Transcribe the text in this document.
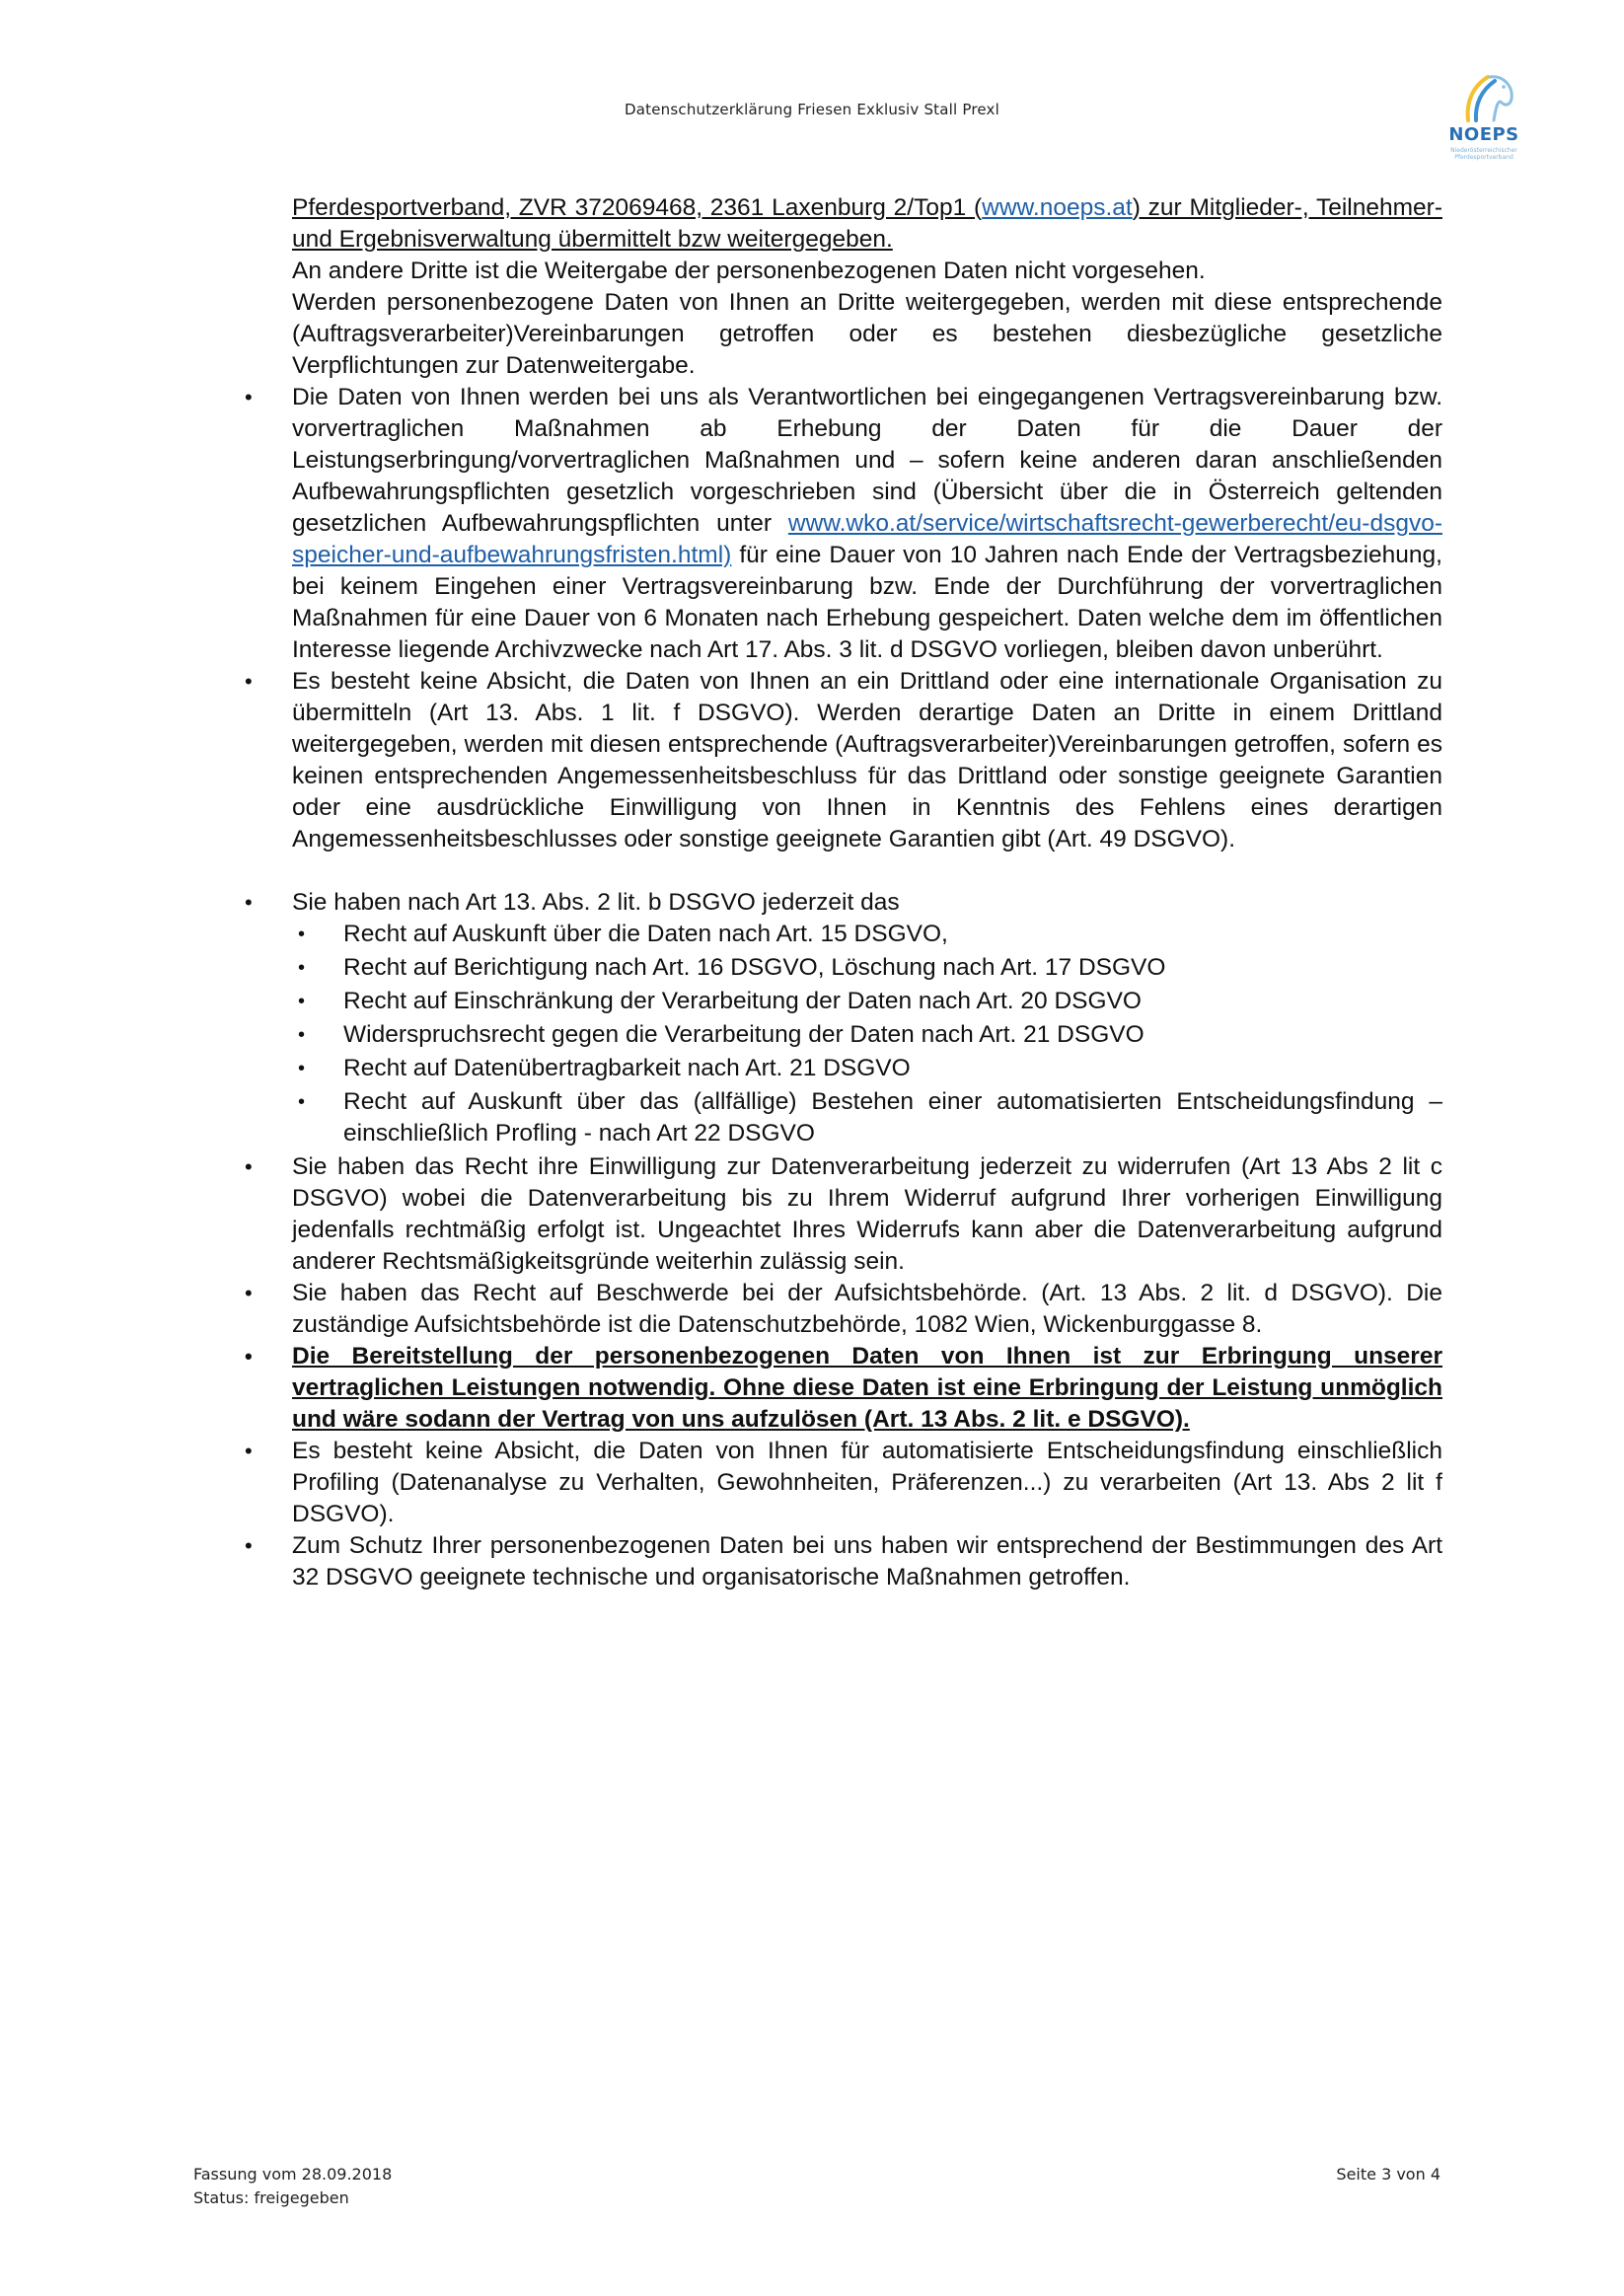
Datenschutzerklärung Friesen Exklusiv Stall Prexl
NOEPS
Niederösterreichischer Pferdesportverband

Pferdesportverband, ZVR 372069468, 2361 Laxenburg 2/Top1 (www.noeps.at) zur Mitglieder-, Teilnehmer- und Ergebnisverwaltung übermittelt bzw weitergegeben.

An andere Dritte ist die Weitergabe der personenbezogenen Daten nicht vorgesehen.

Werden personenbezogene Daten von Ihnen an Dritte weitergegeben, werden mit diese entsprechende (Auftragsverarbeiter)Vereinbarungen getroffen oder es bestehen diesbezügliche gesetzliche Verpflichtungen zur Datenweitergabe.

• Die Daten von Ihnen werden bei uns als Verantwortlichen bei eingegangenen Vertragsvereinbarung bzw. vorvertraglichen Maßnahmen ab Erhebung der Daten für die Dauer der Leistungserbringung/vorvertraglichen Maßnahmen und – sofern keine anderen daran anschließenden Aufbewahrungspflichten gesetzlich vorgeschrieben sind (Übersicht über die in Österreich geltenden gesetzlichen Aufbewahrungspflichten unter www.wko.at/service/wirtschaftsrecht-gewerberecht/eu-dsgvo-speicher-und-aufbewahrungsfristen.html) für eine Dauer von 10 Jahren nach Ende der Vertragsbeziehung, bei keinem Eingehen einer Vertragsvereinbarung bzw. Ende der Durchführung der vorvertraglichen Maßnahmen für eine Dauer von 6 Monaten nach Erhebung gespeichert. Daten welche dem im öffentlichen Interesse liegende Archivzwecke nach Art 17. Abs. 3 lit. d DSGVO vorliegen, bleiben davon unberührt.

• Es besteht keine Absicht, die Daten von Ihnen an ein Drittland oder eine internationale Organisation zu übermitteln (Art 13. Abs. 1 lit. f DSGVO). Werden derartige Daten an Dritte in einem Drittland weitergegeben, werden mit diesen entsprechende (Auftragsverarbeiter)Vereinbarungen getroffen, sofern es keinen entsprechenden Angemessenheitsbeschluss für das Drittland oder sonstige geeignete Garantien oder eine ausdrückliche Einwilligung von Ihnen in Kenntnis des Fehlens eines derartigen Angemessenheitsbeschlusses oder sonstige geeignete Garantien gibt (Art. 49 DSGVO).

• Sie haben nach Art 13. Abs. 2 lit. b DSGVO jederzeit das

• Recht auf Auskunft über die Daten nach Art. 15 DSGVO,
• Recht auf Berichtigung nach Art. 16 DSGVO, Löschung nach Art. 17 DSGVO
• Recht auf Einschränkung der Verarbeitung der Daten nach Art. 20 DSGVO
• Widerspruchsrecht gegen die Verarbeitung der Daten nach Art. 21 DSGVO
• Recht auf Datenübertragbarkeit nach Art. 21 DSGVO
• Recht auf Auskunft über das (allfällige) Bestehen einer automatisierten Entscheidungsfindung – einschließlich Profling - nach Art 22 DSGVO

• Sie haben das Recht ihre Einwilligung zur Datenverarbeitung jederzeit zu widerrufen (Art 13 Abs 2 lit c DSGVO) wobei die Datenverarbeitung bis zu Ihrem Widerruf aufgrund Ihrer vorherigen Einwilligung jedenfalls rechtmäßig erfolgt ist. Ungeachtet Ihres Widerrufs kann aber die Datenverarbeitung aufgrund anderer Rechtsmäßigkeitsgründe weiterhin zulässig sein.

• Sie haben das Recht auf Beschwerde bei der Aufsichtsbehörde. (Art. 13 Abs. 2 lit. d DSGVO). Die zuständige Aufsichtsbehörde ist die Datenschutzbehörde, 1082 Wien, Wickenburggasse 8.

• Die Bereitstellung der personenbezogenen Daten von Ihnen ist zur Erbringung unserer vertraglichen Leistungen notwendig. Ohne diese Daten ist eine Erbringung der Leistung unmöglich und wäre sodann der Vertrag von uns aufzulösen (Art. 13 Abs. 2 lit. e DSGVO).

• Es besteht keine Absicht, die Daten von Ihnen für automatisierte Entscheidungsfindung einschließlich Profiling (Datenanalyse zu Verhalten, Gewohnheiten, Präferenzen...) zu verarbeiten (Art 13. Abs 2 lit f DSGVO).

• Zum Schutz Ihrer personenbezogenen Daten bei uns haben wir entsprechend der Bestimmungen des Art 32 DSGVO geeignete technische und organisatorische Maßnahmen getroffen.

Fassung vom 28.09.2018
Status: freigegeben
Seite 3 von 4
